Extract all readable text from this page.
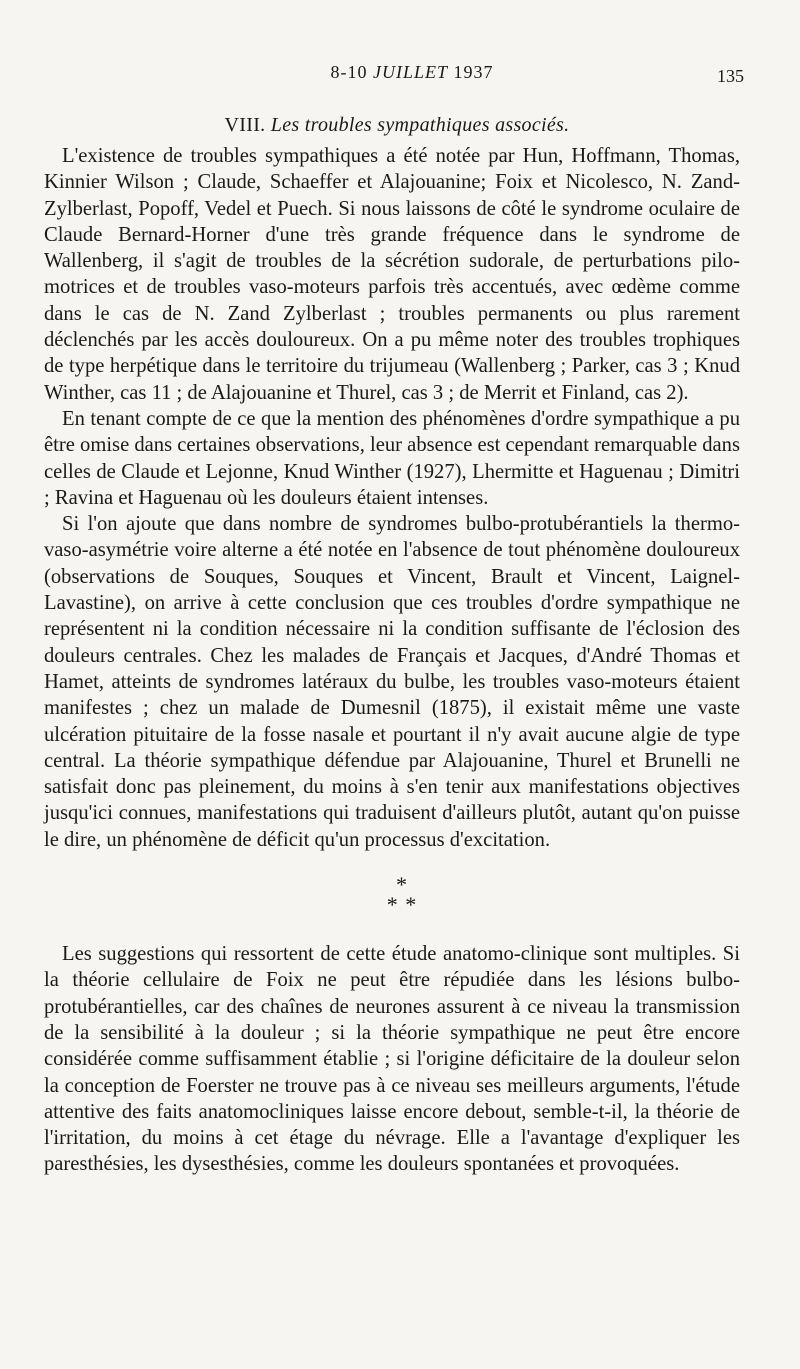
8-10 JUILLET 1937	135
VIII. Les troubles sympathiques associés.

L'existence de troubles sympathiques a été notée par Hun, Hoffmann, Thomas, Kinnier Wilson ; Claude, Schaeffer et Alajouanine; Foix et Nicolesco, N. Zand-Zylberlast, Popoff, Vedel et Puech. Si nous laissons de côté le syndrome oculaire de Claude Bernard-Horner d'une très grande fréquence dans le syndrome de Wallenberg, il s'agit de troubles de la sécrétion sudorale, de perturbations pilo-motrices et de troubles vaso-moteurs parfois très accentués, avec œdème comme dans le cas de N. Zand Zylberlast ; troubles permanents ou plus rarement déclenchés par les accès douloureux. On a pu même noter des troubles trophiques de type herpétique dans le territoire du trijumeau (Wallenberg ; Parker, cas 3 ; Knud Winther, cas 11 ; de Alajouanine et Thurel, cas 3 ; de Merrit et Finland, cas 2).

En tenant compte de ce que la mention des phénomènes d'ordre sympathique a pu être omise dans certaines observations, leur absence est cependant remarquable dans celles de Claude et Lejonne, Knud Winther (1927), Lhermitte et Haguenau ; Dimitri ; Ravina et Haguenau où les douleurs étaient intenses.

Si l'on ajoute que dans nombre de syndromes bulbo-protubérantiels la thermo-vaso-asymétrie voire alterne a été notée en l'absence de tout phénomène douloureux (observations de Souques, Souques et Vincent, Brault et Vincent, Laignel-Lavastine), on arrive à cette conclusion que ces troubles d'ordre sympathique ne représentent ni la condition nécessaire ni la condition suffisante de l'éclosion des douleurs centrales. Chez les malades de Français et Jacques, d'André Thomas et Hamet, atteints de syndromes latéraux du bulbe, les troubles vaso-moteurs étaient manifestes ; chez un malade de Dumesnil (1875), il existait même une vaste ulcération pituitaire de la fosse nasale et pourtant il n'y avait aucune algie de type central. La théorie sympathique défendue par Alajouanine, Thurel et Brunelli ne satisfait donc pas pleinement, du moins à s'en tenir aux manifestations objectives jusqu'ici connues, manifestations qui traduisent d'ailleurs plutôt, autant qu'on puisse le dire, un phénomène de déficit qu'un processus d'excitation.

*
* *

Les suggestions qui ressortent de cette étude anatomo-clinique sont multiples. Si la théorie cellulaire de Foix ne peut être répudiée dans les lésions bulbo-protubérantielles, car des chaînes de neurones assurent à ce niveau la transmission de la sensibilité à la douleur ; si la théorie sympathique ne peut être encore considérée comme suffisamment établie ; si l'origine déficitaire de la douleur selon la conception de Foerster ne trouve pas à ce niveau ses meilleurs arguments, l'étude attentive des faits anatomocliniques laisse encore debout, semble-t-il, la théorie de l'irritation, du moins à cet étage du névrage. Elle a l'avantage d'expliquer les paresthésies, les dysesthésies, comme les douleurs spontanées et provoquées.
